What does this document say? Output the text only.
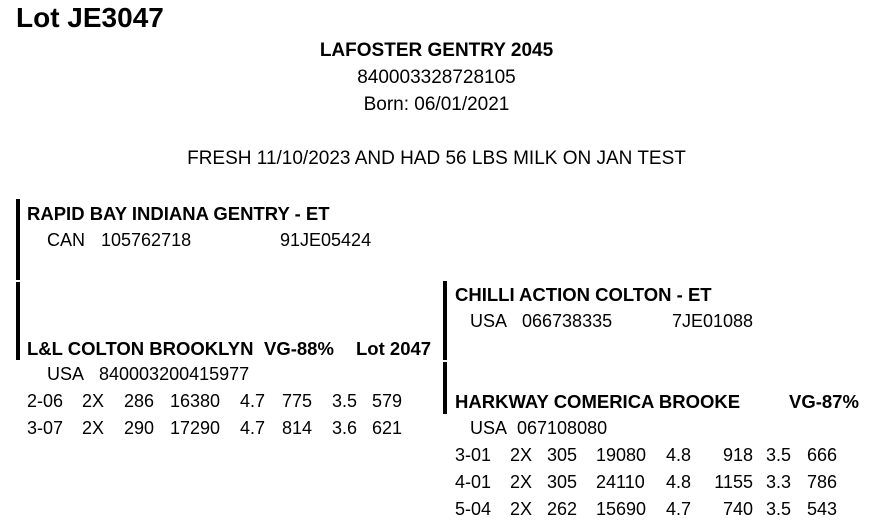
Lot JE3047
LAFOSTER GENTRY 2045
840003328728105
Born: 06/01/2021
FRESH 11/10/2023 AND HAD 56 LBS MILK ON JAN TEST
RAPID BAY INDIANA GENTRY - ET
CAN 105762718	91JE05424
L&L COLTON BROOKLYN VG-88% Lot 2047
USA 840003200415977
2-06 2X 286 16380 4.7 775 3.5 579
3-07 2X 290 17290 4.7 814 3.6 621
CHILLI ACTION COLTON - ET
USA 066738335	7JE01088
HARKWAY COMERICA BROOKE	VG-87%
USA 067108080
3-01 2X 305 19080 4.8 918 3.5 666
4-01 2X 305 24110 4.8 1155 3.3 786
5-04 2X 262 15690 4.7 740 3.5 543
